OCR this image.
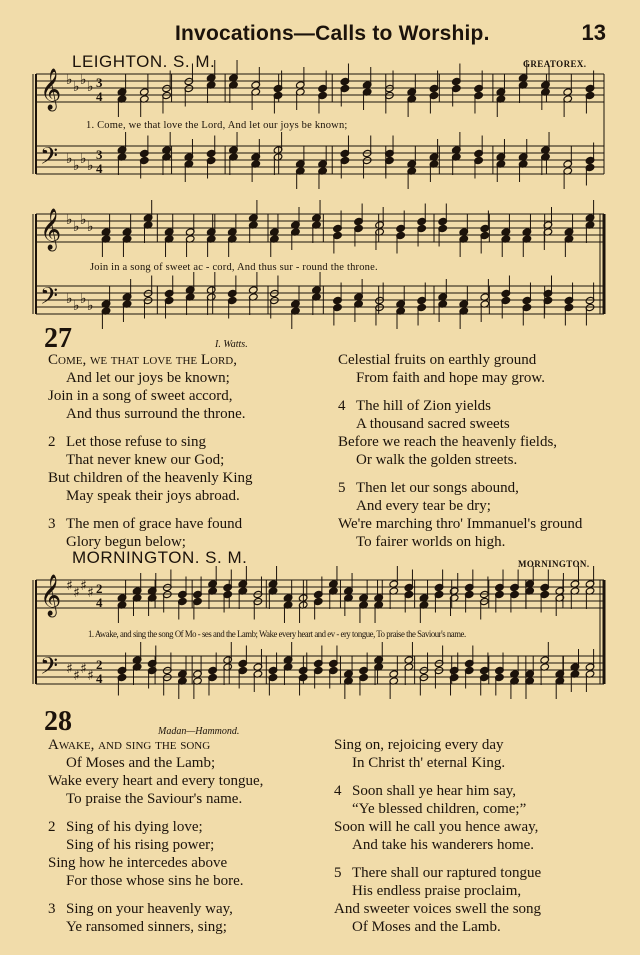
Invocations—Calls to Worship.	13
LEIGHTON. S. M.	GREATOREX.
𝄞
𝄢
♭
♭
♭
♭
♭
♭
♭
♭
3
3
4
4
1. Come, we that love the Lord, And let our joys be known;
𝄞
𝄢
♭
♭
♭
♭
♭
♭
♭
♭
Join in a song of sweet ac - cord, And thus sur - round the throne.
27	I. Watts.
Come, we that love the Lord,
And let our joys be known;
Join in a song of sweet accord,
And thus surround the throne.
2 Let those refuse to sing
That never knew our God;
But children of the heavenly King
May speak their joys abroad.
3 The men of grace have found
Glory begun below;
Celestial fruits on earthly ground
From faith and hope may grow.
4 The hill of Zion yields
A thousand sacred sweets
Before we reach the heavenly fields,
Or walk the golden streets.
5 Then let our songs abound,
And every tear be dry;
We're marching thro' Immanuel's ground
To fairer worlds on high.
MORNINGTON. S. M.	MORNINGTON.
𝄞
𝄢
♯
♯
♯
♯
♯
♯
♯
♯
2
2
4
4
1. Awake, and sing the song Of Mo - ses and the Lamb; Wake every heart and ev - ery tongue, To praise the Saviour's name.
28	Madan—Hammond.
Awake, and sing the song
Of Moses and the Lamb;
Wake every heart and every tongue,
To praise the Saviour's name.
2 Sing of his dying love;
Sing of his rising power;
Sing how he intercedes above
For those whose sins he bore.
3 Sing on your heavenly way,
Ye ransomed sinners, sing;
Sing on, rejoicing every day
In Christ th' eternal King.
4 Soon shall ye hear him say,
“Ye blessed children, come;”
Soon will he call you hence away,
And take his wanderers home.
5 There shall our raptured tongue
His endless praise proclaim,
And sweeter voices swell the song
Of Moses and the Lamb.
